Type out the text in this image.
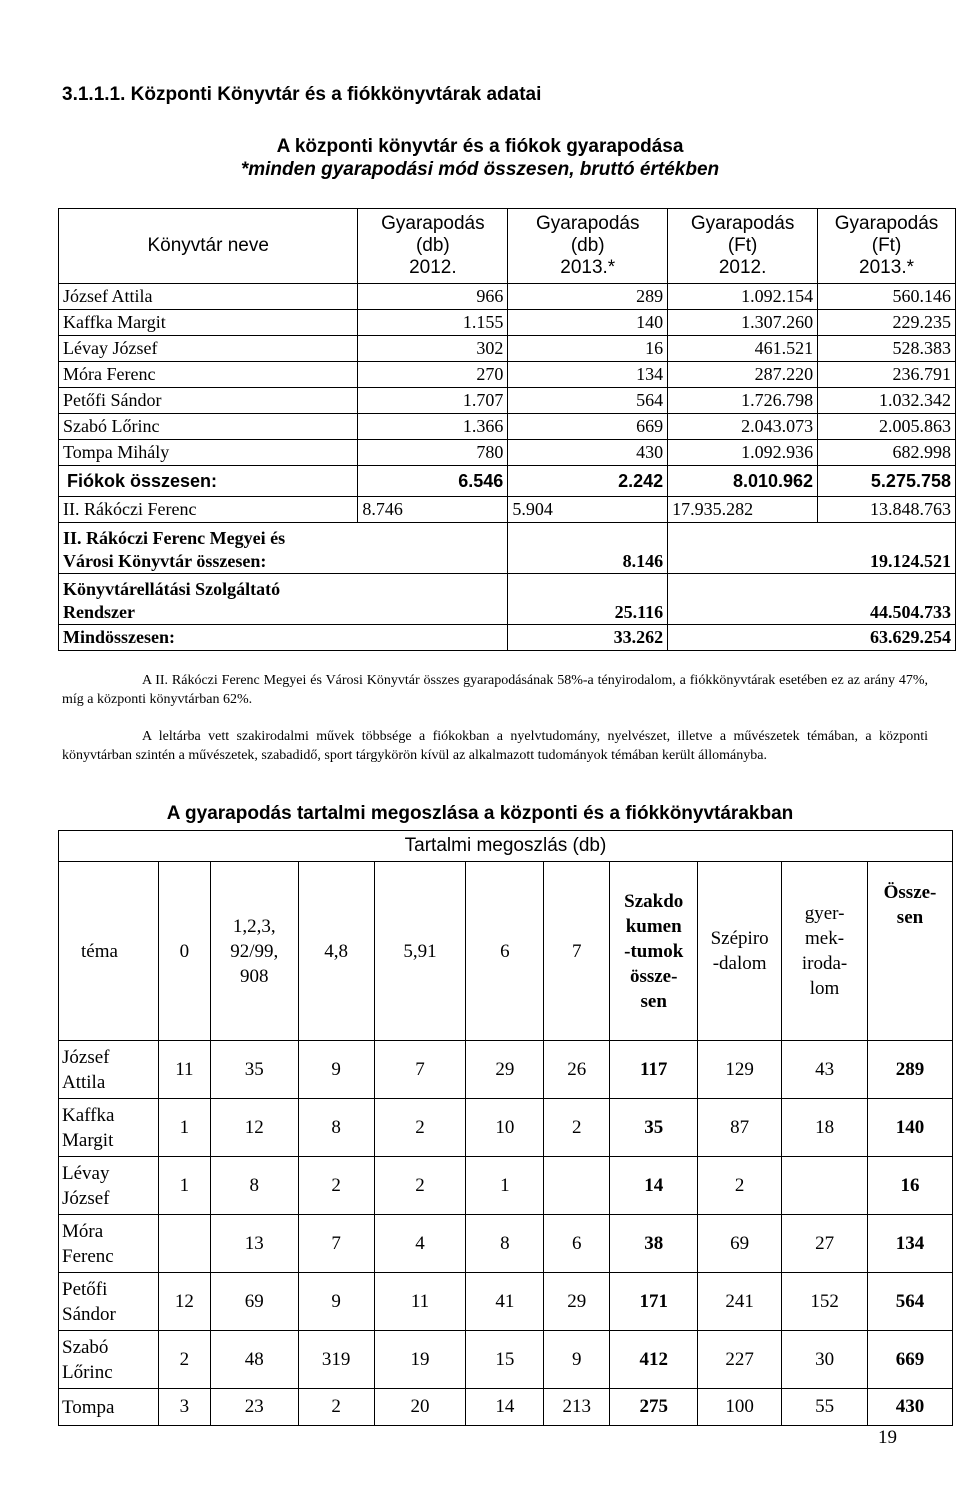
3.1.1.1. Központi Könyvtár és a fiókkönyvtárak adatai
A központi könyvtár és a fiókok gyarapodása
*minden gyarapodási mód összesen, bruttó értékben
Könyvtár neve	Gyarapodás
(db)
2012.	Gyarapodás
(db)
2013.*	Gyarapodás
(Ft)
2012.	Gyarapodás
(Ft)
2013.*
József Attila	966	289	1.092.154	560.146
Kaffka Margit	1.155	140	1.307.260	229.235
Lévay József	302	16	461.521	528.383
Móra Ferenc	270	134	287.220	236.791
Petőfi Sándor	1.707	564	1.726.798	1.032.342
Szabó Lőrinc	1.366	669	2.043.073	2.005.863
Tompa Mihály	780	430	1.092.936	682.998
Fiókok összesen:	6.546	2.242	8.010.962	5.275.758
II. Rákóczi Ferenc	8.746	5.904	17.935.282	13.848.763
II. Rákóczi Ferenc Megyei és
Városi Könyvtár összesen:		8.146	19.124.521	
Könyvtárellátási Szolgáltató
Rendszer		25.116	44.504.733	
Mindösszesen:		33.262	63.629.254	
A II. Rákóczi Ferenc Megyei és Városi Könyvtár összes gyarapodásának 58%-a tényirodalom, a fiókkönyvtárak esetében ez az arány 47%, míg a központi könyvtárban 62%.
A leltárba vett szakirodalmi művek többsége a fiókokban a nyelvtudomány, nyelvészet, illetve a művészetek témában, a központi könyvtárban szintén a művészetek, szabadidő, sport tárgykörön kívül az alkalmazott tudományok témában került állományba.
A gyarapodás tartalmi megoszlása a központi és a fiókkönyvtárakban
Tartalmi megoszlás (db)										
téma	0	1,2,3,
92/99,
908	4,8	5,91	6	7	Szakdo
kumen
-tumok
össze-
sen	Szépiro
-dalom	gyer-
mek-
iroda-
lom	Össze-
sen
József
Attila	11	35	9	7	29	26	117	129	43	289
Kaffka
Margit	1	12	8	2	10	2	35	87	18	140
Lévay
József	1	8	2	2	1		14	2		16
Móra
Ferenc		13	7	4	8	6	38	69	27	134
Petőfi
Sándor	12	69	9	11	41	29	171	241	152	564
Szabó
Lőrinc	2	48	319	19	15	9	412	227	30	669
Tompa	3	23	2	20	14	213	275	100	55	430
19
